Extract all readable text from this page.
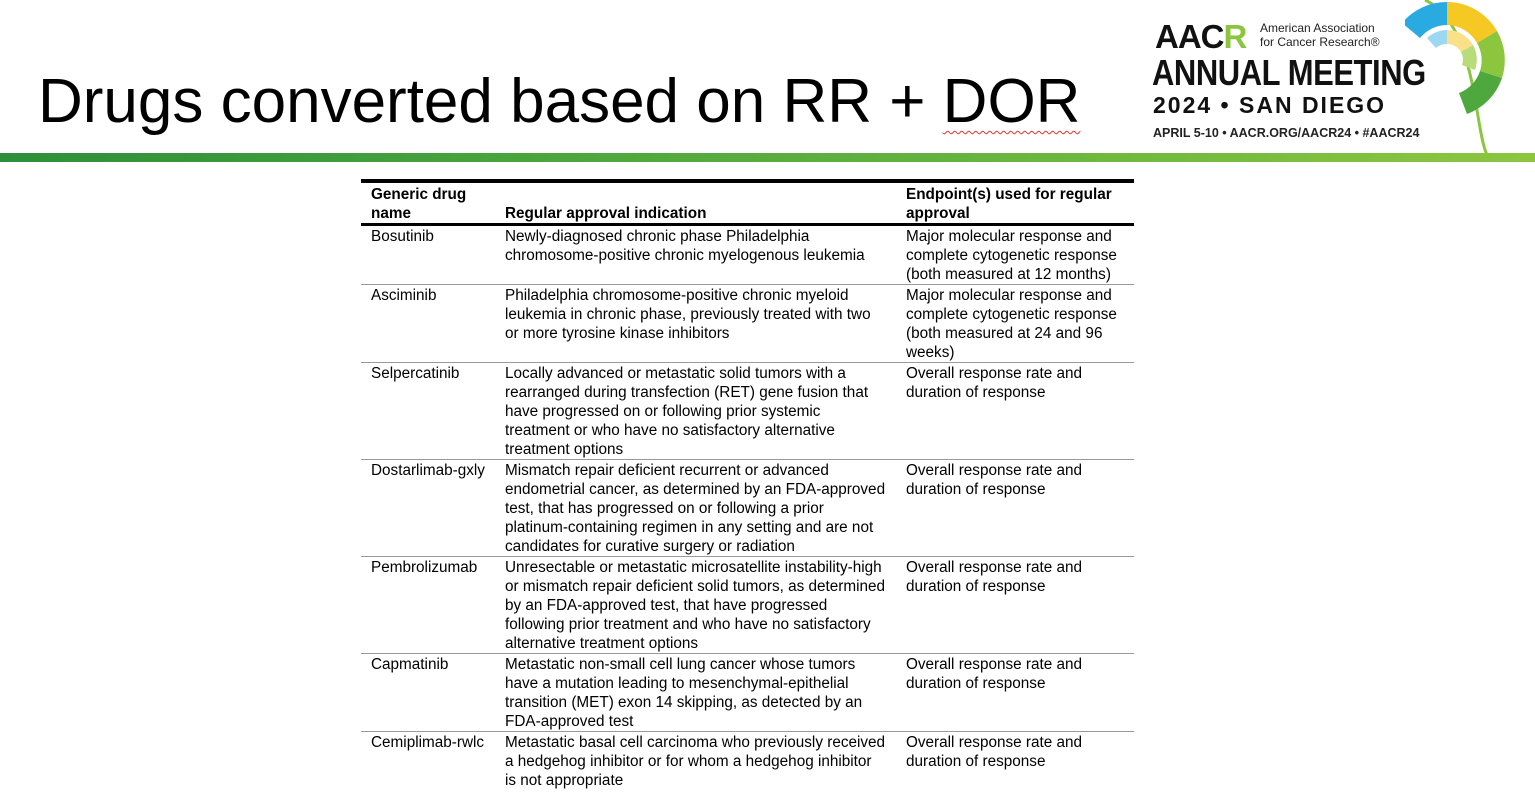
Drugs converted based on RR + DOR
AACR American Association
for Cancer Research®
ANNUAL MEETING
2024 • SAN DIEGO
APRIL 5-10 • AACR.ORG/AACR24 • #AACR24
Generic drug name	Regular approval indication	Endpoint(s) used for regular approval
Bosutinib	Newly-diagnosed chronic phase Philadelphia chromosome-positive chronic myelogenous leukemia	Major molecular response and complete cytogenetic response (both measured at 12 months)
Asciminib	Philadelphia chromosome-positive chronic myeloid leukemia in chronic phase, previously treated with two or more tyrosine kinase inhibitors	Major molecular response and complete cytogenetic response (both measured at 24 and 96 weeks)
Selpercatinib	Locally advanced or metastatic solid tumors with a rearranged during transfection (RET) gene fusion that have progressed on or following prior systemic treatment or who have no satisfactory alternative treatment options	Overall response rate and duration of response
Dostarlimab-gxly	Mismatch repair deficient recurrent or advanced endometrial cancer, as determined by an FDA-approved test, that has progressed on or following a prior platinum-containing regimen in any setting and are not candidates for curative surgery or radiation	Overall response rate and duration of response
Pembrolizumab	Unresectable or metastatic microsatellite instability-high or mismatch repair deficient solid tumors, as determined by an FDA-approved test, that have progressed following prior treatment and who have no satisfactory alternative treatment options	Overall response rate and duration of response
Capmatinib	Metastatic non-small cell lung cancer whose tumors have a mutation leading to mesenchymal-epithelial transition (MET) exon 14 skipping, as detected by an FDA-approved test	Overall response rate and duration of response
Cemiplimab-rwlc	Metastatic basal cell carcinoma who previously received a hedgehog inhibitor or for whom a hedgehog inhibitor is not appropriate	Overall response rate and duration of response
